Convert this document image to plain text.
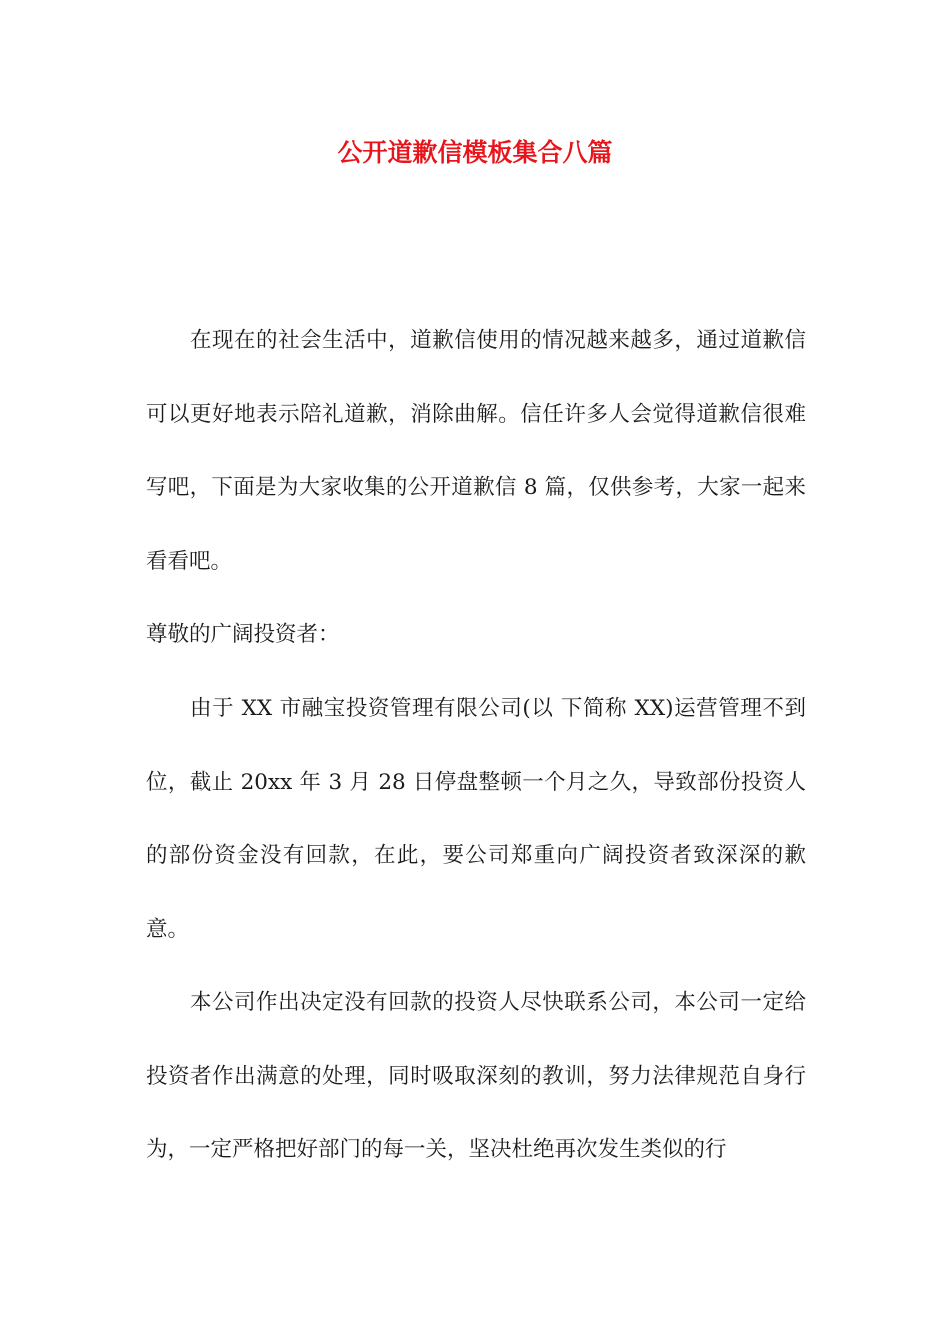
公开道歉信模板集合八篇

在现在的社会生活中，道歉信使用的情况越来越多，通过道歉信可以更好地表示陪礼道歉，消除曲解。信任许多人会觉得道歉信很难写吧，下面是为大家收集的公开道歉信 8 篇，仅供参考，大家一起来看看吧。

尊敬的广阔投资者：

由于 XX 市融宝投资管理有限公司(以 下简称 XX)运营管理不到位，截止 20xx 年 3 月 28 日停盘整顿一个月之久，导致部份投资人的部份资金没有回款，在此，要公司郑重向广阔投资者致深深的歉意。

本公司作出决定没有回款的投资人尽快联系公司，本公司一定给投资者作出满意的处理，同时吸取深刻的教训，努力法律规范自身行为，一定严格把好部门的每一关，坚决杜绝再次发生类似的行
